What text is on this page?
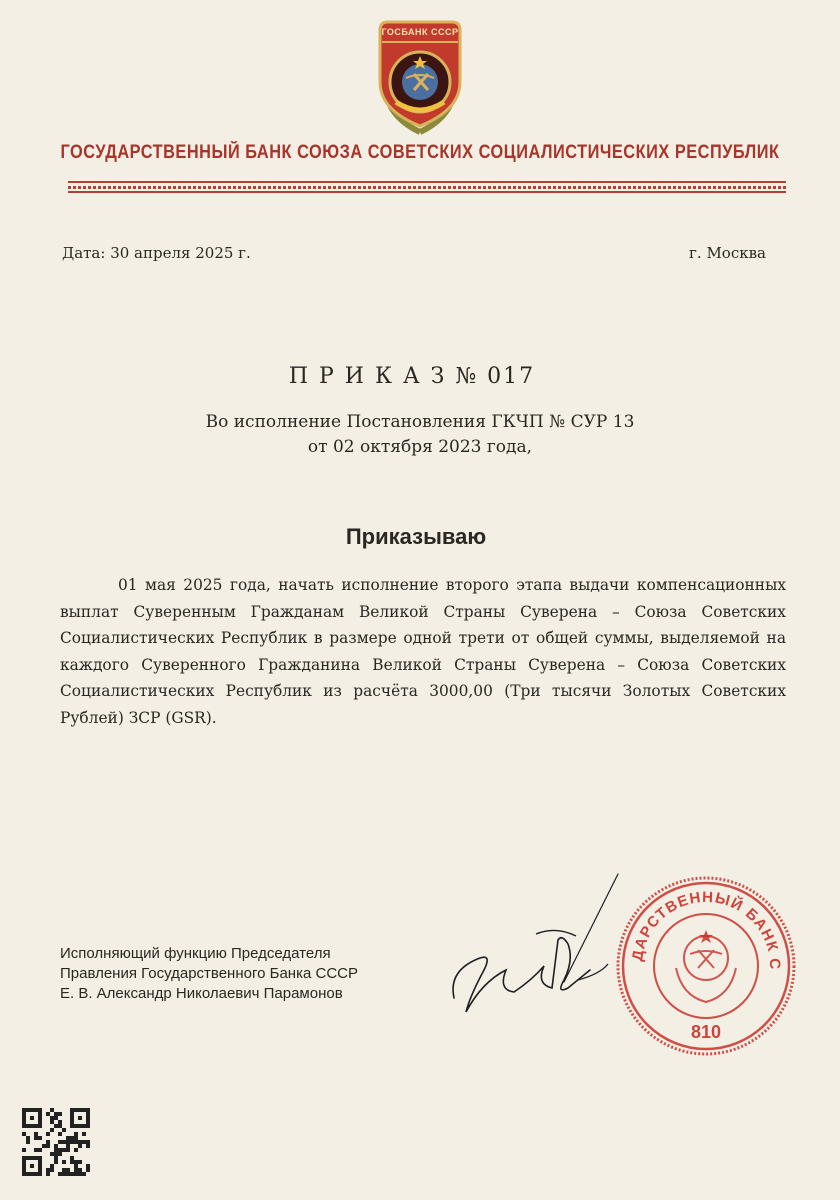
ГОСБАНК СССР
ГОСУДАРСТВЕННЫЙ БАНК СОЮЗА СОВЕТСКИХ СОЦИАЛИСТИЧЕСКИХ РЕСПУБЛИК
Дата: 30 апреля 2025 г.	г. Москва
П Р И К А З № 017
Во исполнение Постановления ГКЧП № СУР 13
от 02 октября 2023 года,
Приказываю
01 мая 2025 года, начать исполнение второго этапа выдачи компенсационных выплат Суверенным Гражданам Великой Страны Суверена – Союза Советских Социалистических Республик в размере одной трети от общей суммы, выделяемой на каждого Суверенного Гражданина Великой Страны Суверена – Союза Советских Социалистических Республик из расчёта 3000,00 (Три тысячи Золотых Советских Рублей) ЗСР (GSR).
Исполняющий функцию Председателя
Правления Государственного Банка СССР
Е. В. Александр Николаевич Парамонов
ДАРСТВЕННЫЙ БАНК С
810
